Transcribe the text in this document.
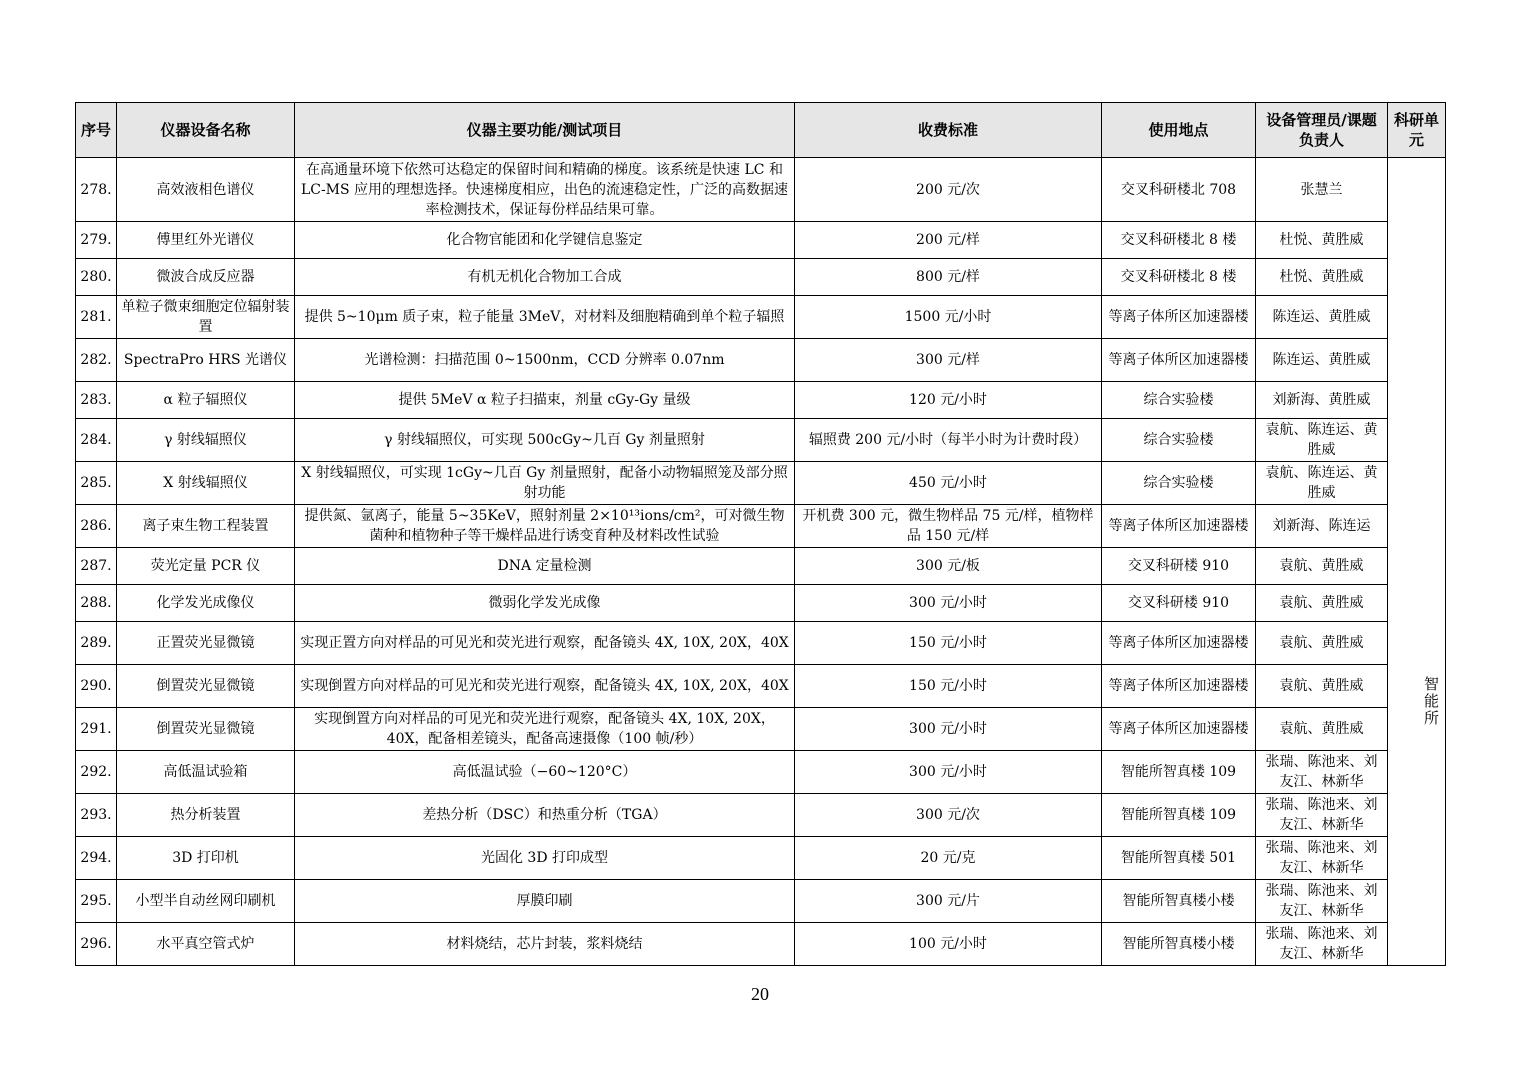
序号	仪器设备名称	仪器主要功能/测试项目	收费标准	使用地点	设备管理员/课题负责人	科研单元
278.	高效液相色谱仪	在高通量环境下依然可达稳定的保留时间和精确的梯度。该系统是快速 LC 和 LC-MS 应用的理想选择。快速梯度相应，出色的流速稳定性，广泛的高数据速率检测技术，保证每份样品结果可靠。	200 元/次	交叉科研楼北 708	张慧兰	智能所
279.	傅里红外光谱仪	化合物官能团和化学键信息鉴定	200 元/样	交叉科研楼北 8 楼	杜悦、黄胜威	
280.	微波合成反应器	有机无机化合物加工合成	800 元/样	交叉科研楼北 8 楼	杜悦、黄胜威	
281.	单粒子微束细胞定位辐射装置	提供 5~10μm 质子束，粒子能量 3MeV，对材料及细胞精确到单个粒子辐照	1500 元/小时	等离子体所区加速器楼	陈连运、黄胜威	
282.	SpectraPro HRS 光谱仪	光谱检测：扫描范围 0~1500nm，CCD 分辨率 0.07nm	300 元/样	等离子体所区加速器楼	陈连运、黄胜威	
283.	α 粒子辐照仪	提供 5MeV α 粒子扫描束，剂量 cGy-Gy 量级	120 元/小时	综合实验楼	刘新海、黄胜威	
284.	γ 射线辐照仪	γ 射线辐照仪，可实现 500cGy~几百 Gy 剂量照射	辐照费 200 元/小时（每半小时为计费时段）	综合实验楼	袁航、陈连运、黄胜威	
285.	X 射线辐照仪	X 射线辐照仪，可实现 1cGy~几百 Gy 剂量照射，配备小动物辐照笼及部分照射功能	450 元/小时	综合实验楼	袁航、陈连运、黄胜威	
286.	离子束生物工程装置	提供氮、氩离子，能量 5~35KeV，照射剂量 2×10¹³ions/cm²，可对微生物菌种和植物种子等干燥样品进行诱变育种及材料改性试验	开机费 300 元，微生物样品 75 元/样，植物样品 150 元/样	等离子体所区加速器楼	刘新海、陈连运	
287.	荧光定量 PCR 仪	DNA 定量检测	300 元/板	交叉科研楼 910	袁航、黄胜威	
288.	化学发光成像仪	微弱化学发光成像	300 元/小时	交叉科研楼 910	袁航、黄胜威	
289.	正置荧光显微镜	实现正置方向对样品的可见光和荧光进行观察，配备镜头 4X, 10X, 20X，40X	150 元/小时	等离子体所区加速器楼	袁航、黄胜威	
290.	倒置荧光显微镜	实现倒置方向对样品的可见光和荧光进行观察，配备镜头 4X, 10X, 20X，40X	150 元/小时	等离子体所区加速器楼	袁航、黄胜威	
291.	倒置荧光显微镜	实现倒置方向对样品的可见光和荧光进行观察，配备镜头 4X, 10X, 20X，40X，配备相差镜头，配备高速摄像（100 帧/秒）	300 元/小时	等离子体所区加速器楼	袁航、黄胜威	
292.	高低温试验箱	高低温试验（−60~120°C）	300 元/小时	智能所智真楼 109	张瑞、陈池来、刘友江、林新华	
293.	热分析装置	差热分析（DSC）和热重分析（TGA）	300 元/次	智能所智真楼 109	张瑞、陈池来、刘友江、林新华	
294.	3D 打印机	光固化 3D 打印成型	20 元/克	智能所智真楼 501	张瑞、陈池来、刘友江、林新华	
295.	小型半自动丝网印刷机	厚膜印刷	300 元/片	智能所智真楼小楼	张瑞、陈池来、刘友江、林新华	
296.	水平真空管式炉	材料烧结，芯片封装，浆料烧结	100 元/小时	智能所智真楼小楼	张瑞、陈池来、刘友江、林新华	
20
